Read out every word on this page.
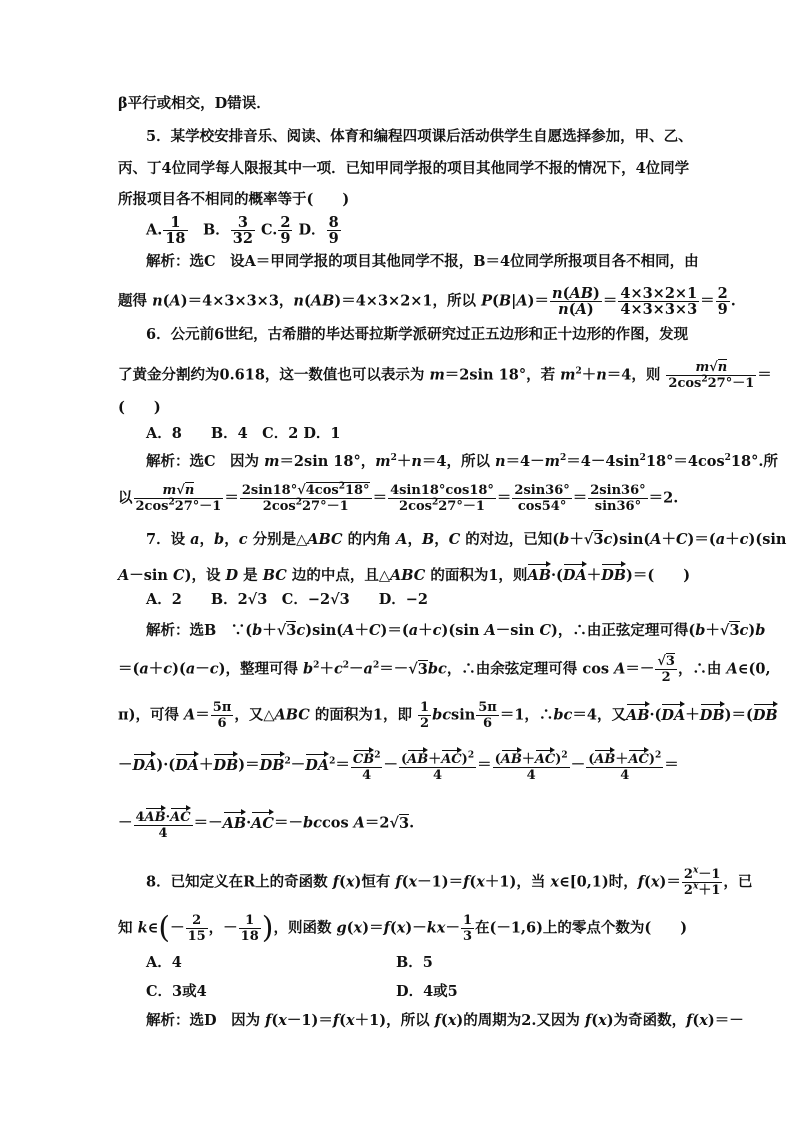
β平行或相交，D错误．
5．某学校安排音乐、阅读、体育和编程四项课后活动供学生自愿选择参加，甲、乙、
丙、丁4位同学每人限报其中一项．已知甲同学报的项目其他同学不报的情况下，4位同学
所报项目各不相同的概率等于(　　)
A. $\frac{1}{18}$ 　B． $\frac{3}{32} C$. $\frac{2}{9}$ D． $\frac{8}{9}$
解析：选C　设A＝甲同学报的项目其他同学不报，B＝4位同学所报项目各不相同，由
题得 n(A)＝4×3×3×3，n(AB)＝4×3×2×1，所以 $P(B|A)= \frac{n(AB)}{n(A)} = \frac{4\times 3\times 2\times 1}{4\times 3\times 3\times 3} = \frac{2}{9}$ .
6．公元前6世纪，古希腊的毕达哥拉斯学派研究过正五边形和正十边形的作图，发现
了黄金分割约为0.618，这一数值也可以表示为 m＝2sin 18°，若 $m^2+n=4$，则 $\frac{m√n}{2\cos^227^\circ-1}$ ＝
(　　)
A．8　　B．4　C．2 D．1
解析：选C　因为 m＝2sin 18°，$m^2+n=4$，所以 $n=4-m^2=4-4\sin^218^\circ=4\cos^218^\circ$.所
以 $\frac{m√n}{2\cos^227^\circ-1} = \frac{2\sin 18^\circ√4\cos^218^\circ}{2\cos^227^\circ-1} = \frac{4\sin 18^\circ\cos 18^\circ}{2\cos^227^\circ-1} = \frac{2\sin 36^\circ}{\cos 54^\circ} = \frac{2\sin 36^\circ}{\sin 36^\circ} =2$.
7．设 a，b，c 分别是△ABC 的内角 A，B，C 的对边，已知(b＋√3c)sin(A＋C)＝(a＋c)(sin
A－sin C)，设 D 是 BC 边的中点，且△ABC 的面积为1，则AB·(DA＋DB)＝(　　)
A．2　　B．2√3　C．−2√3　　D．−2
解析：选B　∵(b＋√3c)sin(A＋C)＝(a＋c)(sin A－sin C)，∴由正弦定理可得(b＋√3c)b
＝(a＋c)(a－c)，整理可得 $b^2+c^2-a^2=-√3bc$，∴由余弦定理可得 $\cos A=- \frac{√3}{2}$ ，∴由 A∈(0,
π)，可得 $A= \frac{5\pi}{6}$ ，又△ABC 的面积为1，即 $\frac{1}{2}$ bcsin $\frac{5\pi}{6} =1$，∴bc＝4，又AB·(DA＋DB)＝(DB
$-DA)\cdot(DA+DB)=DB^2-DA^2= \frac{CB^2}{4} - \frac{(AB+AC)^2}{4} = \frac{(AB+AC)^2}{4} - \frac{(AB+AC)^2}{4}$ ＝
－ $\frac{4AB\cdot AC}{4} =-AB\cdot AC=-bccos$ A＝2√3.
8．已知定义在R上的奇函数 f(x)恒有 f(x－1)＝f(x＋1)，当 x∈[0,1)时，$f(x)= \frac{2^x-1}{2^x+1}$ ，已
知 k∈(－ $\frac{2}{15}$ ，－ $\frac{1}{18}$ )，则函数 $g(x)=f(x)-kx- \frac{1}{3}$ 在(－1,6)上的零点个数为(　　)
A．4	B．5
C．3或4	D．4或5
解析：选D　因为 f(x－1)＝f(x＋1)，所以 f(x)的周期为2.又因为 f(x)为奇函数，f(x)＝－
